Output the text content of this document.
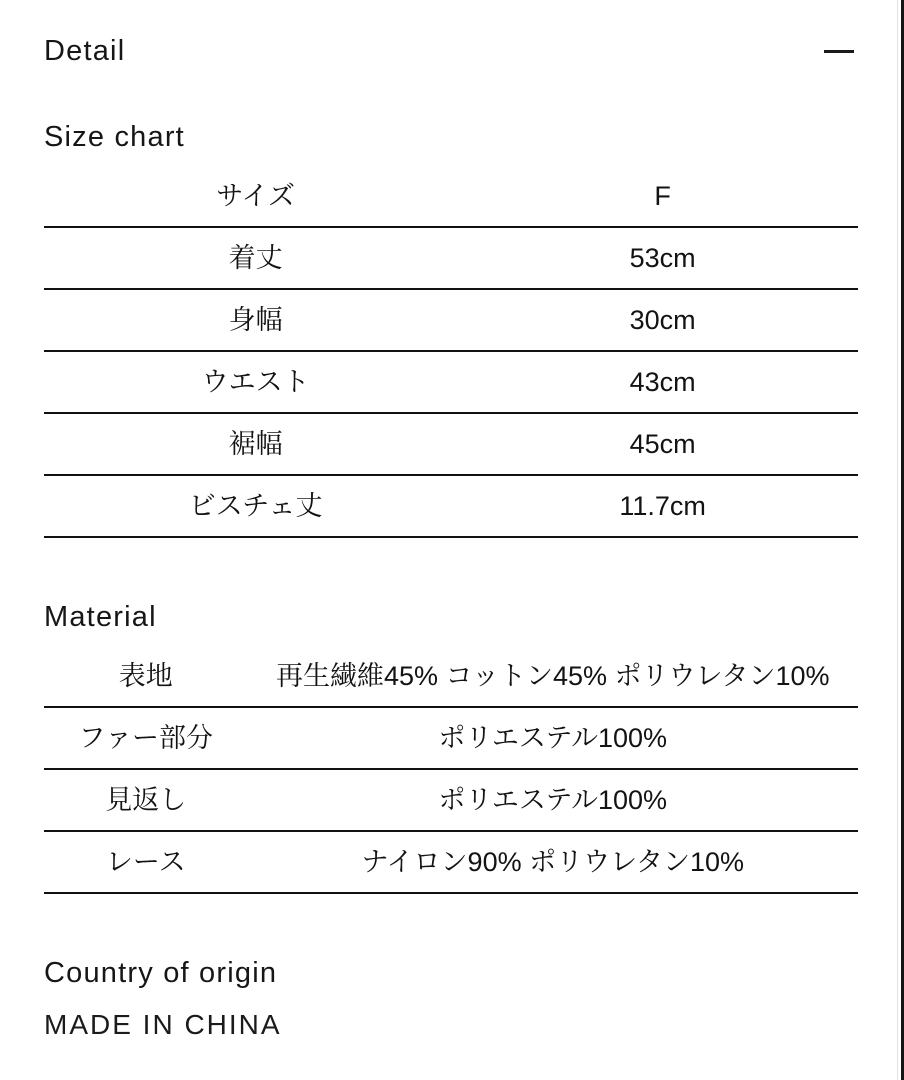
Detail
Size chart
サイズ	F
着丈	53cm
身幅	30cm
ウエスト	43cm
裾幅	45cm
ビスチェ丈	11.7cm
Material
表地	再生繊維45% コットン45% ポリウレタン10%
ファー部分	ポリエステル100%
見返し	ポリエステル100%
レース	ナイロン90% ポリウレタン10%
Country of origin
MADE IN CHINA
